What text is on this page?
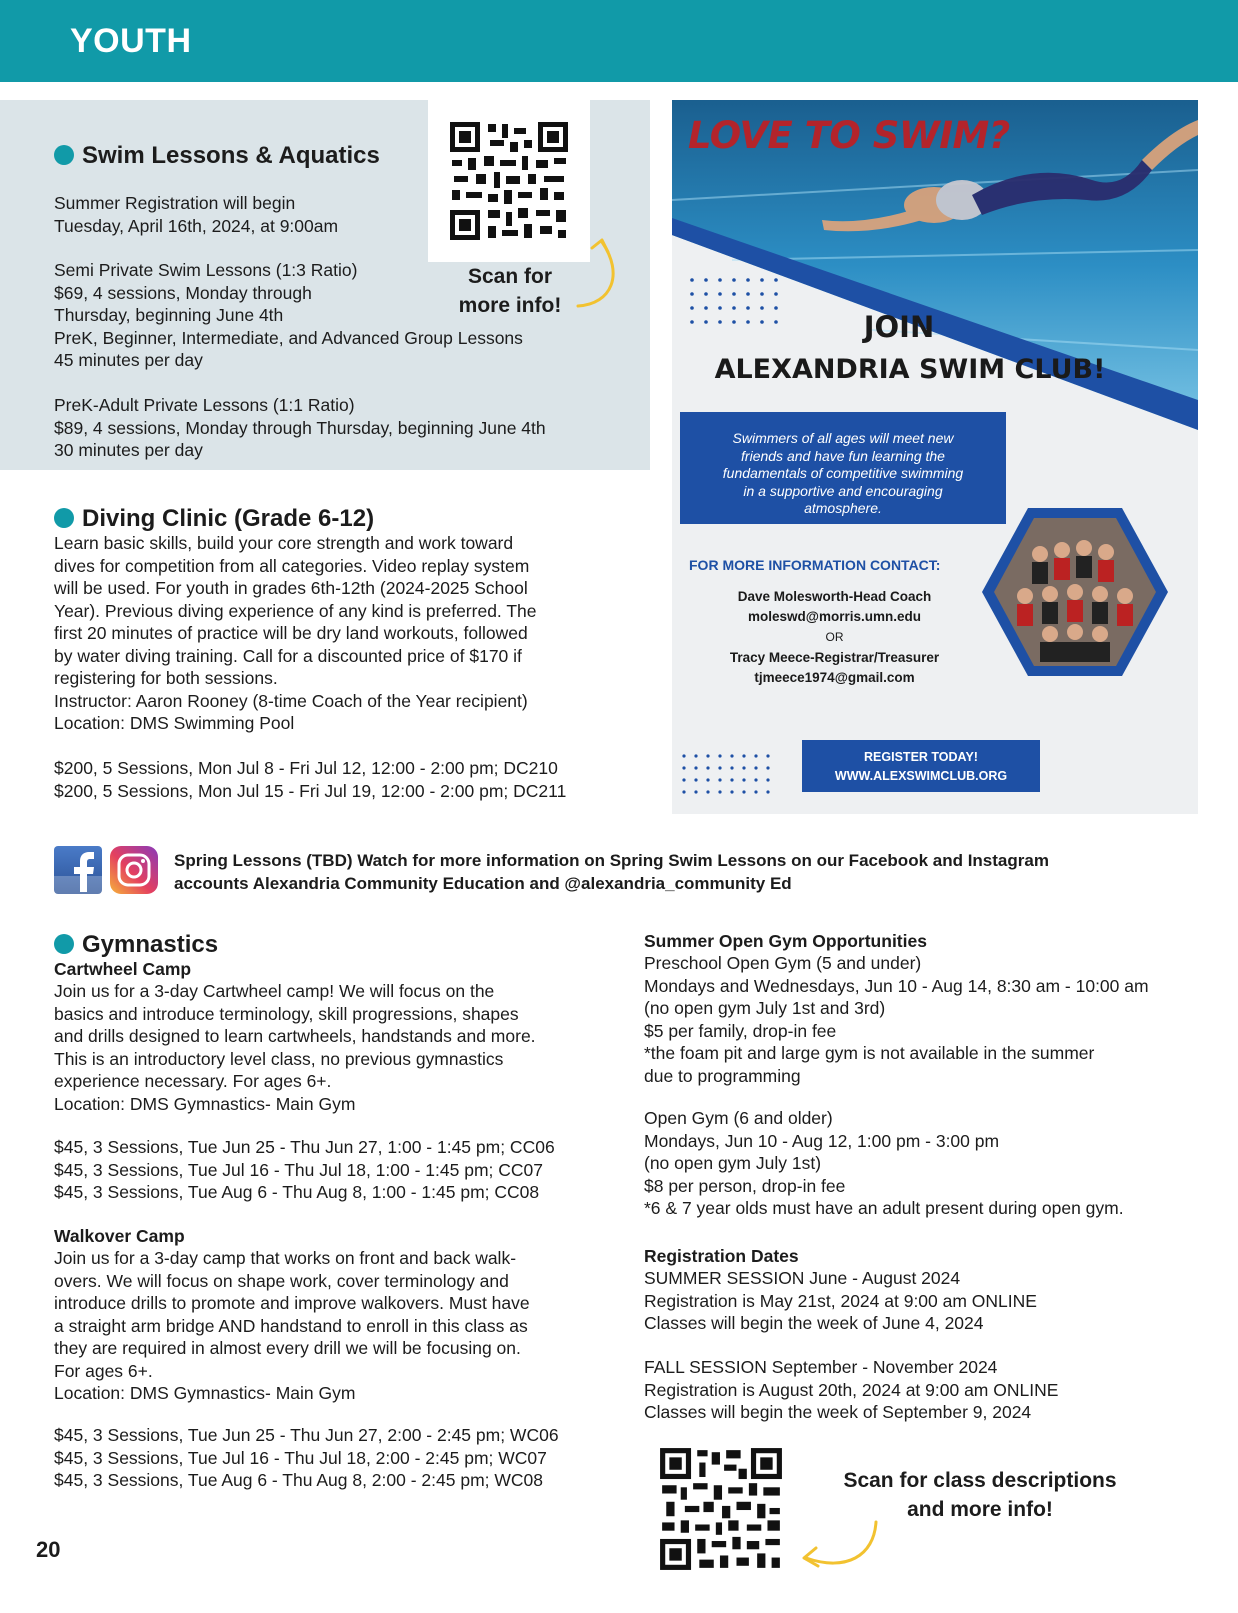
YOUTH
Scan for
more info!
Swim Lessons & Aquatics
Summer Registration will begin
Tuesday, April 16th, 2024, at 9:00am
Semi Private Swim Lessons (1:3 Ratio)
$69, 4 sessions, Monday through
Thursday, beginning June 4th
PreK, Beginner, Intermediate, and Advanced Group Lessons
45 minutes per day
PreK-Adult Private Lessons (1:1 Ratio)
$89, 4 sessions, Monday through Thursday, beginning June 4th
30 minutes per day
Diving Clinic (Grade 6-12)
Learn basic skills, build your core strength and work toward
dives for competition from all categories. Video replay system
will be used. For youth in grades 6th-12th (2024-2025 School
Year). Previous diving experience of any kind is preferred. The
first 20 minutes of practice will be dry land workouts, followed
by water diving training. Call for a discounted price of $170 if
registering for both sessions.
Instructor: Aaron Rooney (8-time Coach of the Year recipient)
Location: DMS Swimming Pool
$200, 5 Sessions, Mon Jul 8 - Fri Jul 12, 12:00 - 2:00 pm; DC210
$200, 5 Sessions, Mon Jul 15 - Fri Jul 19, 12:00 - 2:00 pm; DC211
LOVE TO SWIM?
JOIN
ALEXANDRIA SWIM CLUB!
Swimmers of all ages will meet new
friends and have fun learning the
fundamentals of competitive swimming
in a supportive and encouraging
atmosphere.
FOR MORE INFORMATION CONTACT:
Dave Molesworth-Head Coach
moleswd@morris.umn.edu
OR
Tracy Meece-Registrar/Treasurer
tjmeece1974@gmail.com
REGISTER TODAY!
WWW.ALEXSWIMCLUB.ORG
Spring Lessons (TBD) Watch for more information on Spring Swim Lessons on our Facebook and Instagram
accounts Alexandria Community Education and @alexandria_community Ed
Gymnastics
Cartwheel Camp
Join us for a 3-day Cartwheel camp! We will focus on the
basics and introduce terminology, skill progressions, shapes
and drills designed to learn cartwheels, handstands and more.
This is an introductory level class, no previous gymnastics
experience necessary. For ages 6+.
Location: DMS Gymnastics- Main Gym
$45, 3 Sessions, Tue Jun 25 - Thu Jun 27, 1:00 - 1:45 pm; CC06
$45, 3 Sessions, Tue Jul 16 - Thu Jul 18, 1:00 - 1:45 pm; CC07
$45, 3 Sessions, Tue Aug 6 - Thu Aug 8, 1:00 - 1:45 pm; CC08
Walkover Camp
Join us for a 3-day camp that works on front and back walk-
overs. We will focus on shape work, cover terminology and
introduce drills to promote and improve walkovers. Must have
a straight arm bridge AND handstand to enroll in this class as
they are required in almost every drill we will be focusing on.
For ages 6+.
Location: DMS Gymnastics- Main Gym
$45, 3 Sessions, Tue Jun 25 - Thu Jun 27, 2:00 - 2:45 pm; WC06
$45, 3 Sessions, Tue Jul 16 - Thu Jul 18, 2:00 - 2:45 pm; WC07
$45, 3 Sessions, Tue Aug 6 - Thu Aug 8, 2:00 - 2:45 pm; WC08
Summer Open Gym Opportunities
Preschool Open Gym (5 and under)
Mondays and Wednesdays, Jun 10 - Aug 14, 8:30 am - 10:00 am
(no open gym July 1st and 3rd)
$5 per family, drop-in fee
*the foam pit and large gym is not available in the summer
due to programming
Open Gym (6 and older)
Mondays, Jun 10 - Aug 12, 1:00 pm - 3:00 pm
(no open gym July 1st)
$8 per person, drop-in fee
*6 & 7 year olds must have an adult present during open gym.
Registration Dates
SUMMER SESSION June - August 2024
Registration is May 21st, 2024 at 9:00 am ONLINE
Classes will begin the week of June 4, 2024
FALL SESSION September - November 2024
Registration is August 20th, 2024 at 9:00 am ONLINE
Classes will begin the week of September 9, 2024
Scan for class descriptions
and more info!
20
